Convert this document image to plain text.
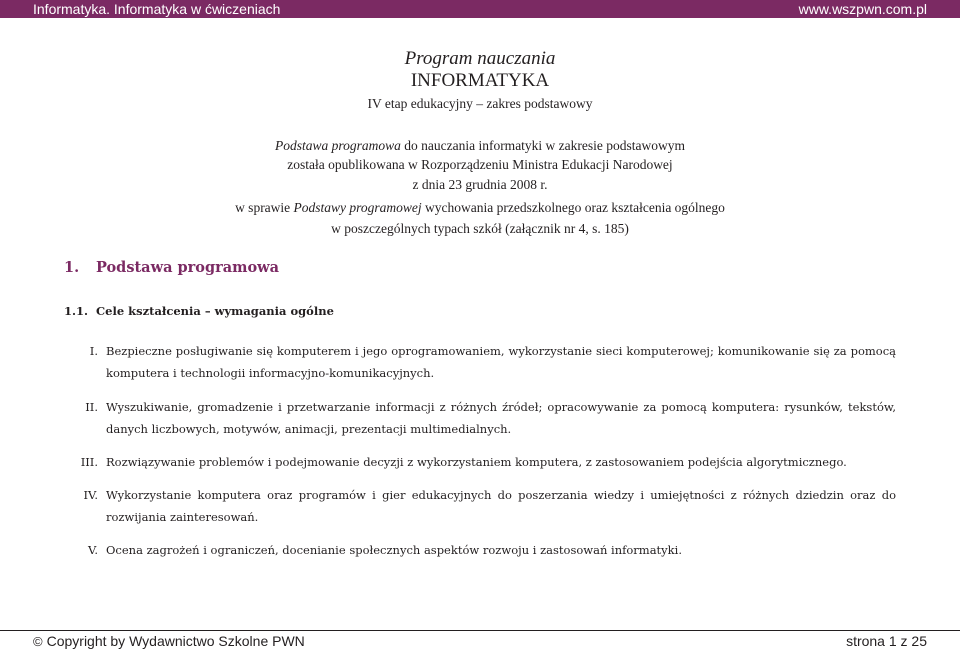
Informatyka. Informatyka w ćwiczeniach	www.wszpwn.com.pl
Program nauczania
INFORMATYKA
IV etap edukacyjny – zakres podstawowy
Podstawa programowa do nauczania informatyki w zakresie podstawowym
została opublikowana w Rozporządzeniu Ministra Edukacji Narodowej
z dnia 23 grudnia 2008 r.
w sprawie Podstawy programowej wychowania przedszkolnego oraz kształcenia ogólnego
w poszczególnych typach szkół (załącznik nr 4, s. 185)
1. Podstawa programowa
1.1. Cele kształcenia – wymagania ogólne
I. Bezpieczne posługiwanie się komputerem i jego oprogramowaniem, wykorzystanie sieci komputerowej; komunikowanie się za pomocą komputera i technologii informacyjno-komunikacyjnych.
II. Wyszukiwanie, gromadzenie i przetwarzanie informacji z różnych źródeł; opracowywanie za pomocą komputera: rysunków, tekstów, danych liczbowych, motywów, animacji, prezentacji multimedialnych.
III. Rozwiązywanie problemów i podejmowanie decyzji z wykorzystaniem komputera, z zastosowaniem podejścia algorytmicznego.
IV. Wykorzystanie komputera oraz programów i gier edukacyjnych do poszerzania wiedzy i umiejętności z różnych dziedzin oraz do rozwijania zainteresowań.
V. Ocena zagrożeń i ograniczeń, docenianie społecznych aspektów rozwoju i zastosowań informatyki.
© Copyright by Wydawnictwo Szkolne PWN	strona 1 z 25
